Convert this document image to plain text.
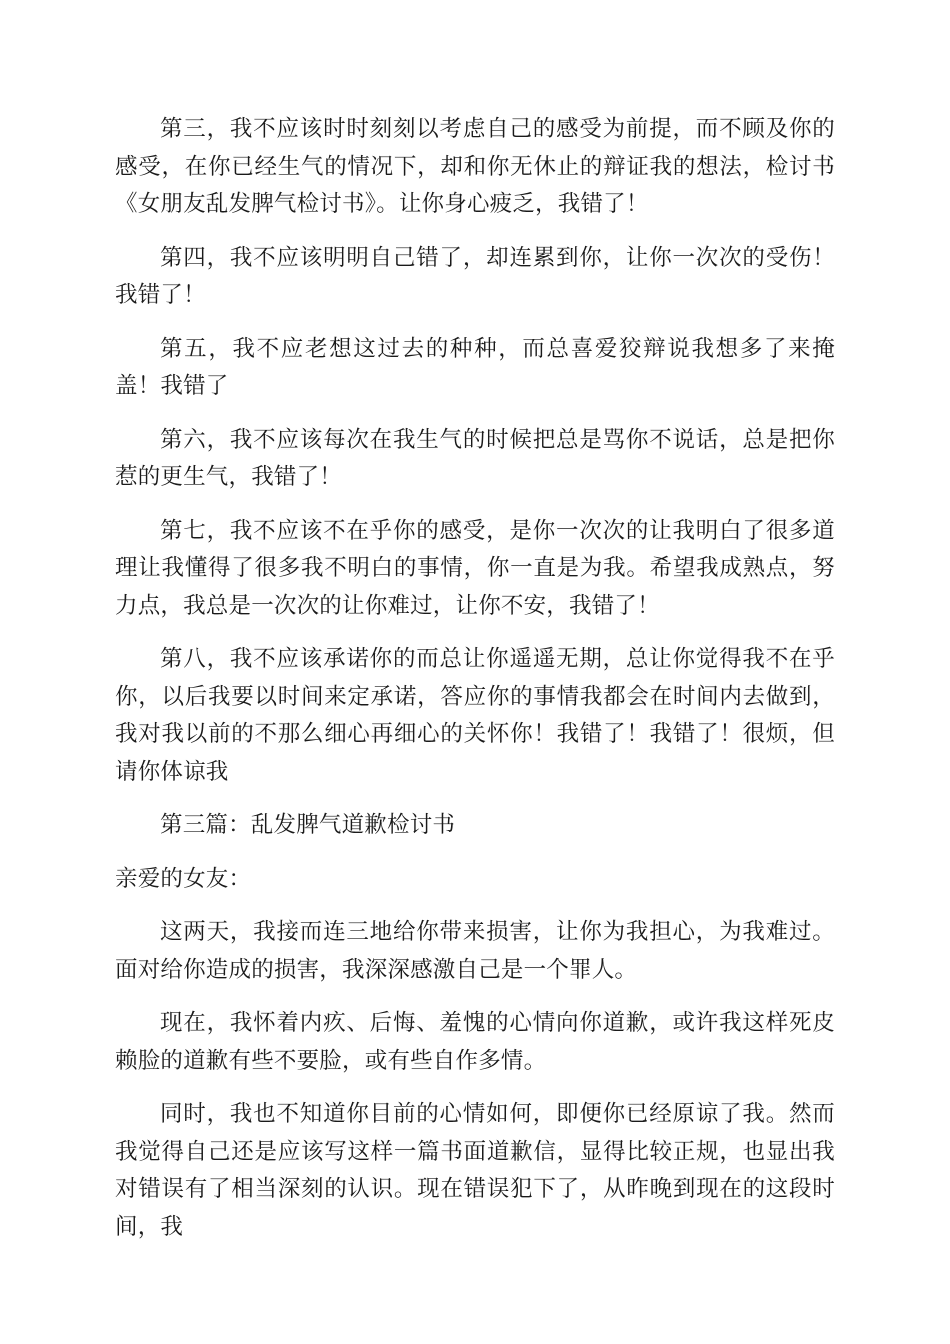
第三，我不应该时时刻刻以考虑自己的感受为前提，而不顾及你的感受，在你已经生气的情况下，却和你无休止的辩证我的想法，检讨书《女朋友乱发脾气检讨书》。让你身心疲乏，我错了！

第四，我不应该明明自己错了，却连累到你，让你一次次的受伤！我错了！

第五，我不应老想这过去的种种，而总喜爱狡辩说我想多了来掩盖！我错了

第六，我不应该每次在我生气的时候把总是骂你不说话，总是把你惹的更生气，我错了！

第七，我不应该不在乎你的感受，是你一次次的让我明白了很多道理让我懂得了很多我不明白的事情，你一直是为我。希望我成熟点，努力点，我总是一次次的让你难过，让你不安，我错了！

第八，我不应该承诺你的而总让你遥遥无期，总让你觉得我不在乎你，以后我要以时间来定承诺，答应你的事情我都会在时间内去做到，我对我以前的不那么细心再细心的关怀你！我错了！我错了！很烦，但请你体谅我

第三篇：乱发脾气道歉检讨书

亲爱的女友：

这两天，我接而连三地给你带来损害，让你为我担心，为我难过。面对给你造成的损害，我深深感激自己是一个罪人。

现在，我怀着内疚、后悔、羞愧的心情向你道歉，或许我这样死皮赖脸的道歉有些不要脸，或有些自作多情。

同时，我也不知道你目前的心情如何，即便你已经原谅了我。然而我觉得自己还是应该写这样一篇书面道歉信，显得比较正规，也显出我对错误有了相当深刻的认识。现在错误犯下了，从昨晚到现在的这段时间，我
